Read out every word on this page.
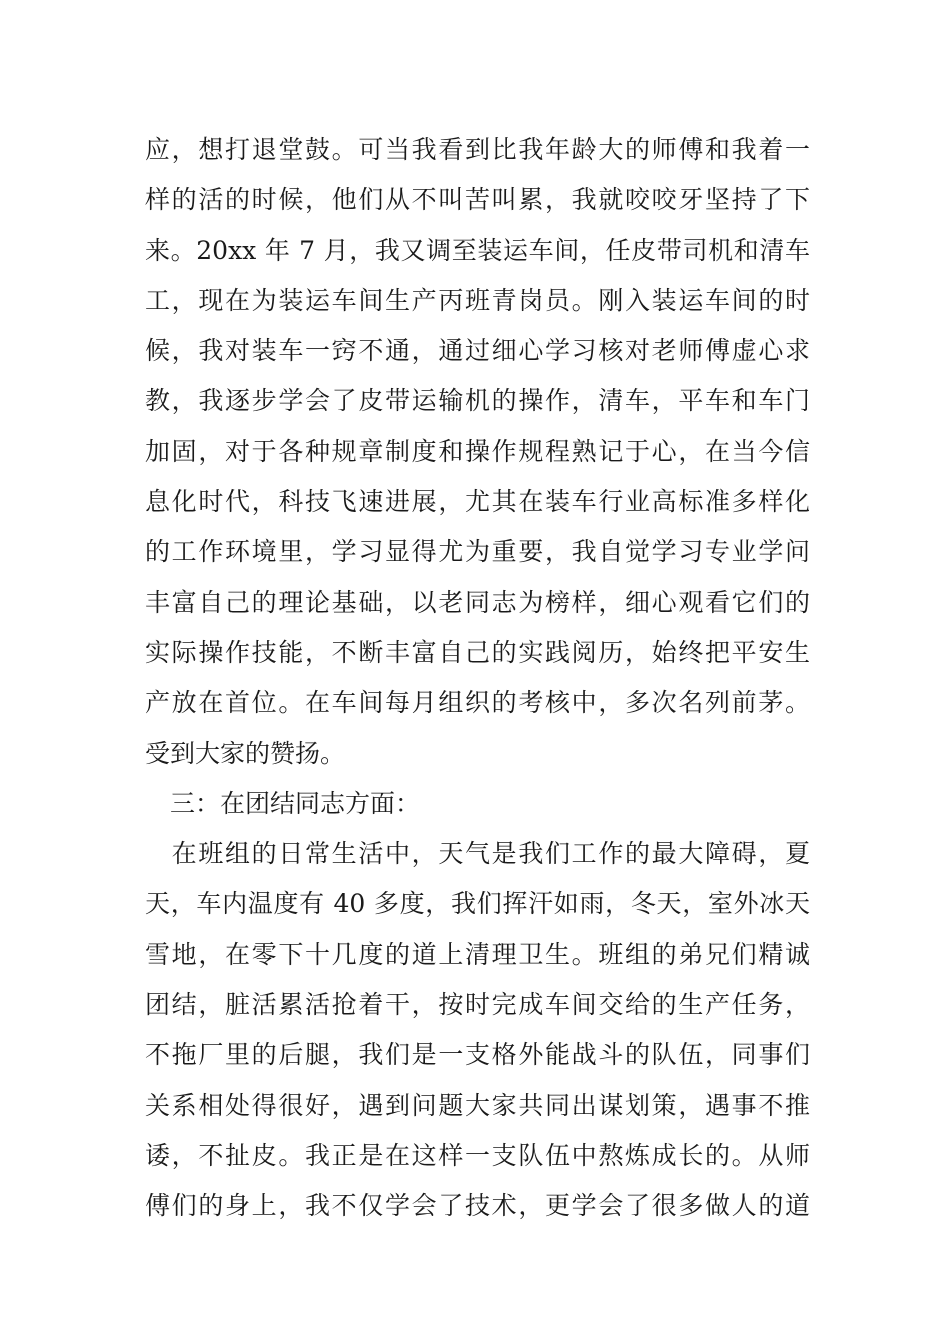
应，想打退堂鼓。可当我看到比我年龄大的师傅和我着一
样的活的时候，他们从不叫苦叫累，我就咬咬牙坚持了下
来。20xx 年 7 月，我又调至装运车间，任皮带司机和清车
工，现在为装运车间生产丙班青岗员。刚入装运车间的时
候，我对装车一窍不通，通过细心学习核对老师傅虚心求
教，我逐步学会了皮带运输机的操作，清车，平车和车门
加固，对于各种规章制度和操作规程熟记于心，在当今信
息化时代，科技飞速进展，尤其在装车行业高标准多样化
的工作环境里，学习显得尤为重要，我自觉学习专业学问
丰富自己的理论基础，以老同志为榜样，细心观看它们的
实际操作技能，不断丰富自己的实践阅历，始终把平安生
产放在首位。在车间每月组织的考核中，多次名列前茅。
受到大家的赞扬。
　三：在团结同志方面：
　在班组的日常生活中，天气是我们工作的最大障碍，夏
天，车内温度有 40 多度，我们挥汗如雨，冬天，室外冰天
雪地，在零下十几度的道上清理卫生。班组的弟兄们精诚
团结，脏活累活抢着干，按时完成车间交给的生产任务，
不拖厂里的后腿，我们是一支格外能战斗的队伍，同事们
关系相处得很好，遇到问题大家共同出谋划策，遇事不推
诿，不扯皮。我正是在这样一支队伍中熬炼成长的。从师
傅们的身上，我不仅学会了技术，更学会了很多做人的道
